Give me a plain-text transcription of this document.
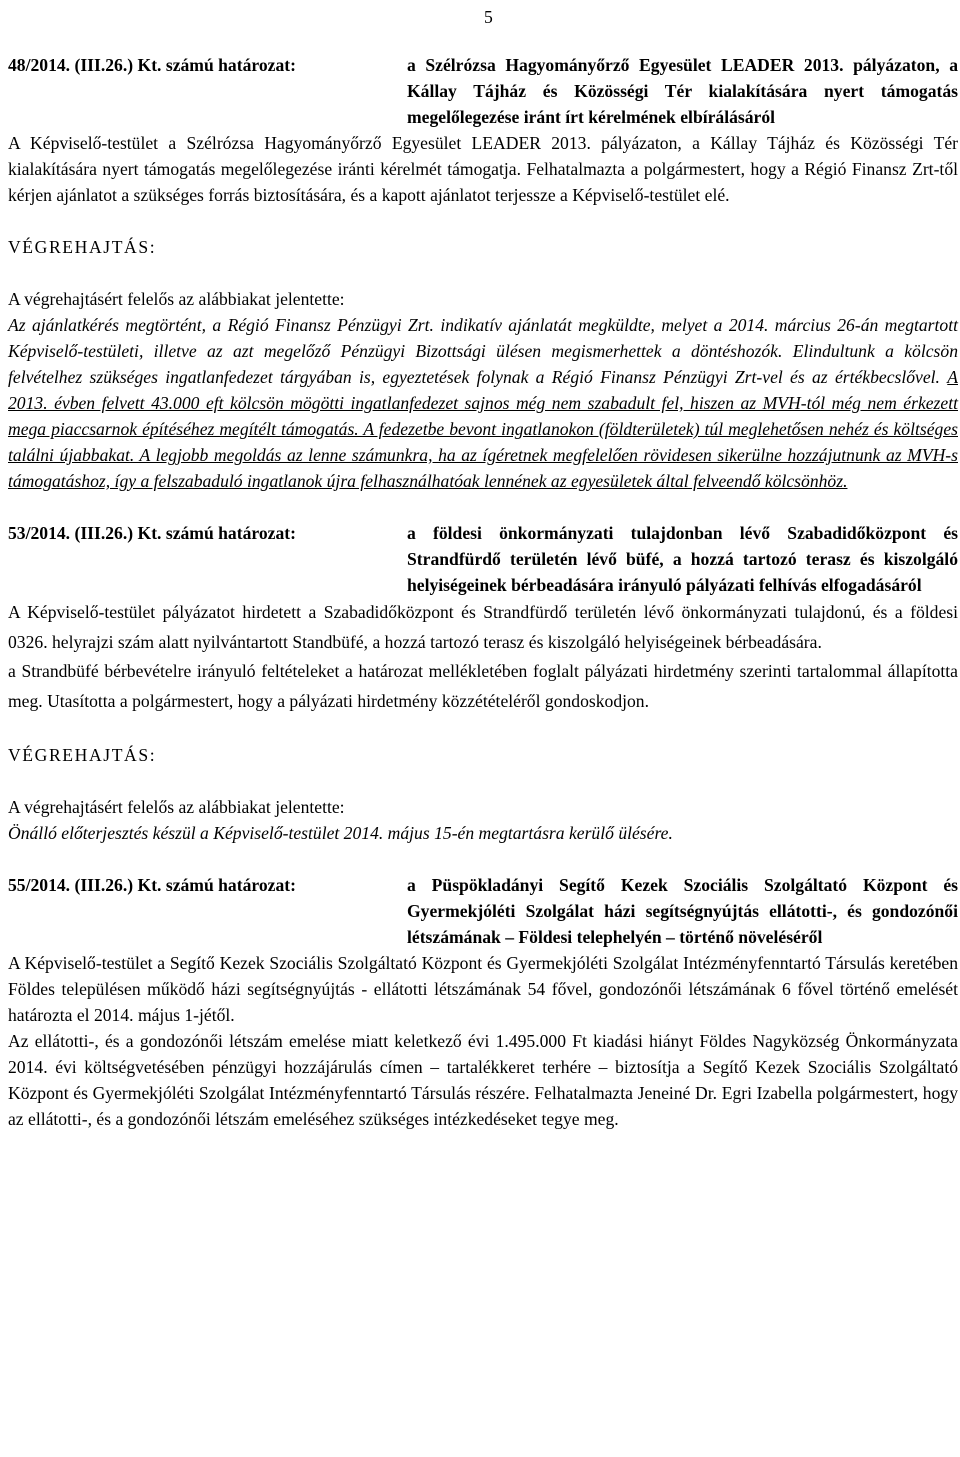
5
48/2014. (III.26.) Kt. számú határozat:	a Szélrózsa Hagyományőrző Egyesület LEADER 2013. pályázaton, a Kállay Tájház és Közösségi Tér kialakítására nyert támogatás megelőlegezése iránt írt kérelmének elbírálásáról

A Képviselő-testület a Szélrózsa Hagyományőrző Egyesület LEADER 2013. pályázaton, a Kállay Tájház és Közösségi Tér kialakítására nyert támogatás megelőlegezése iránti kérelmét támogatja. Felhatalmazta a polgármestert, hogy a Régió Finansz Zrt-től kérjen ajánlatot a szükséges forrás biztosítására, és a kapott ajánlatot terjessze a Képviselő-testület elé.

VÉGREHAJTÁS:

A végrehajtásért felelős az alábbiakat jelentette:

Az ajánlatkérés megtörtént, a Régió Finansz Pénzügyi Zrt. indikatív ajánlatát megküldte, melyet a 2014. március 26-án megtartott Képviselő-testületi, illetve az azt megelőző Pénzügyi Bizottsági ülésen megismerhettek a döntéshozók. Elindultunk a kölcsön felvételhez szükséges ingatlanfedezet tárgyában is, egyeztetések folynak a Régió Finansz Pénzügyi Zrt-vel és az értékbecslővel. A 2013. évben felvett 43.000 eft kölcsön mögötti ingatlanfedezet sajnos még nem szabadult fel, hiszen az MVH-tól még nem érkezett mega piaccsarnok építéséhez megítélt támogatás. A fedezetbe bevont ingatlanokon (földterületek) túl meglehetősen nehéz és költséges találni újabbakat. A legjobb megoldás az lenne számunkra, ha az ígéretnek megfelelően rövidesen sikerülne hozzájutnunk az MVH-s támogatáshoz, így a felszabaduló ingatlanok újra felhasználhatóak lennének az egyesületek által felveendő kölcsönhöz.

53/2014. (III.26.) Kt. számú határozat:	a földesi önkormányzati tulajdonban lévő Szabadidőközpont és Strandfürdő területén lévő büfé, a hozzá tartozó terasz és kiszolgáló helyiségeinek bérbeadására irányuló pályázati felhívás elfogadásáról

A Képviselő-testület pályázatot hirdetett a Szabadidőközpont és Strandfürdő területén lévő önkormányzati tulajdonú, és a földesi 0326. helyrajzi szám alatt nyilvántartott Standbüfé, a hozzá tartozó terasz és kiszolgáló helyiségeinek bérbeadására.

a Strandbüfé bérbevételre irányuló feltételeket a határozat mellékletében foglalt pályázati hirdetmény szerinti tartalommal állapította meg. Utasította a polgármestert, hogy a pályázati hirdetmény közzétételéről gondoskodjon.

VÉGREHAJTÁS:

A végrehajtásért felelős az alábbiakat jelentette:

Önálló előterjesztés készül a Képviselő-testület 2014. május 15-én megtartásra kerülő ülésére.

55/2014. (III.26.) Kt. számú határozat:	a Püspökladányi Segítő Kezek Szociális Szolgáltató Központ és Gyermekjóléti Szolgálat házi segítségnyújtás ellátotti-, és gondozónői létszámának – Földesi telephelyén – történő növeléséről

A Képviselő-testület a Segítő Kezek Szociális Szolgáltató Központ és Gyermekjóléti Szolgálat Intézményfenntartó Társulás keretében Földes településen működő házi segítségnyújtás - ellátotti létszámának 54 fővel, gondozónői létszámának 6 fővel történő emelését határozta el 2014. május 1-jétől.

Az ellátotti-, és a gondozónői létszám emelése miatt keletkező évi 1.495.000 Ft kiadási hiányt Földes Nagyközség Önkormányzata 2014. évi költségvetésében pénzügyi hozzájárulás címen – tartalékkeret terhére – biztosítja a Segítő Kezek Szociális Szolgáltató Központ és Gyermekjóléti Szolgálat Intézményfenntartó Társulás részére. Felhatalmazta Jeneiné Dr. Egri Izabella polgármestert, hogy az ellátotti-, és a gondozónői létszám emeléséhez szükséges intézkedéseket tegye meg.
